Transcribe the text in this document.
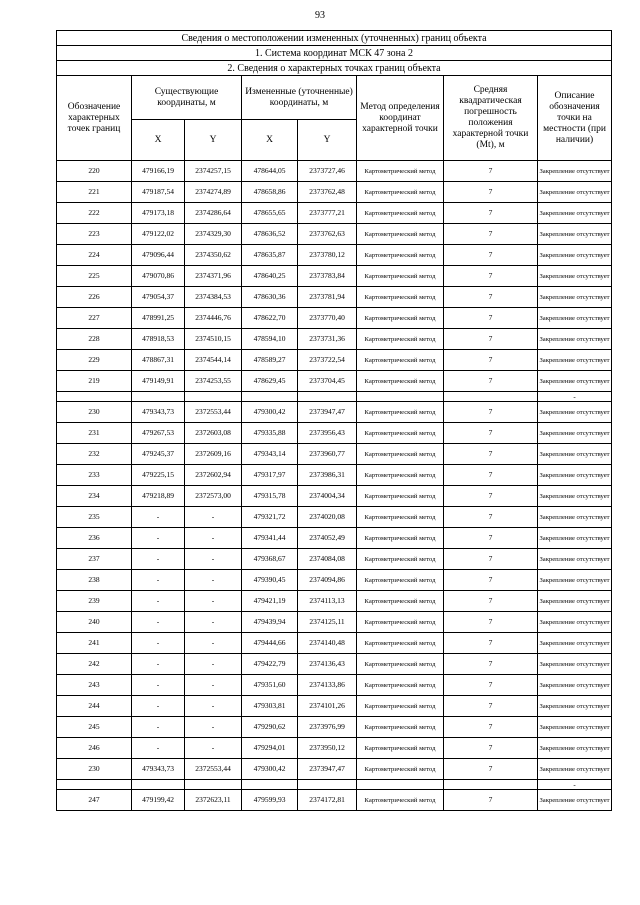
93
Сведения о местоположении измененных (уточненных) границ объекта							
1. Система координат МСК 47 зона 2							
2. Сведения о характерных точках границ объекта							
Обозначение характерных точек границ	Существующие координаты, м		Измененные (уточненные) координаты, м		Метод определения координат характерной точки	Средняя квадратическая погрешность положения характерной точки (Мt), м	Описание обозначения точки на местности (при наличии)
	X	Y	X	Y			
220	479166,19	2374257,15	478644,05	2373727,46	Картометрический метод	7	Закрепление отсутствует
221	479187,54	2374274,89	478658,86	2373762,48	Картометрический метод	7	Закрепление отсутствует
222	479173,18	2374286,64	478655,65	2373777,21	Картометрический метод	7	Закрепление отсутствует
223	479122,02	2374329,30	478636,52	2373762,63	Картометрический метод	7	Закрепление отсутствует
224	479096,44	2374350,62	478635,87	2373780,12	Картометрический метод	7	Закрепление отсутствует
225	479070,86	2374371,96	478640,25	2373783,84	Картометрический метод	7	Закрепление отсутствует
226	479054,37	2374384,53	478630,36	2373781,94	Картометрический метод	7	Закрепление отсутствует
227	478991,25	2374446,76	478622,70	2373770,40	Картометрический метод	7	Закрепление отсутствует
228	478918,53	2374510,15	478594,10	2373731,36	Картометрический метод	7	Закрепление отсутствует
229	478867,31	2374544,14	478589,27	2373722,54	Картометрический метод	7	Закрепление отсутствует
219	479149,91	2374253,55	478629,45	2373704,45	Картометрический метод	7	Закрепление отсутствует
							-
230	479343,73	2372553,44	479300,42	2373947,47	Картометрический метод	7	Закрепление отсутствует
231	479267,53	2372603,08	479335,88	2373956,43	Картометрический метод	7	Закрепление отсутствует
232	479245,37	2372609,16	479343,14	2373960,77	Картометрический метод	7	Закрепление отсутствует
233	479225,15	2372602,94	479317,97	2373986,31	Картометрический метод	7	Закрепление отсутствует
234	479218,89	2372573,00	479315,78	2374004,34	Картометрический метод	7	Закрепление отсутствует
235	-	-	479321,72	2374020,08	Картометрический метод	7	Закрепление отсутствует
236	-	-	479341,44	2374052,49	Картометрический метод	7	Закрепление отсутствует
237	-	-	479368,67	2374084,08	Картометрический метод	7	Закрепление отсутствует
238	-	-	479390,45	2374094,86	Картометрический метод	7	Закрепление отсутствует
239	-	-	479421,19	2374113,13	Картометрический метод	7	Закрепление отсутствует
240	-	-	479439,94	2374125,11	Картометрический метод	7	Закрепление отсутствует
241	-	-	479444,66	2374140,48	Картометрический метод	7	Закрепление отсутствует
242	-	-	479422,79	2374136,43	Картометрический метод	7	Закрепление отсутствует
243	-	-	479351,60	2374133,86	Картометрический метод	7	Закрепление отсутствует
244	-	-	479303,81	2374101,26	Картометрический метод	7	Закрепление отсутствует
245	-	-	479290,62	2373976,99	Картометрический метод	7	Закрепление отсутствует
246	-	-	479294,01	2373950,12	Картометрический метод	7	Закрепление отсутствует
230	479343,73	2372553,44	479300,42	2373947,47	Картометрический метод	7	Закрепление отсутствует
							-
247	479199,42	2372623,11	479599,93	2374172,81	Картометрический метод	7	Закрепление отсутствует
